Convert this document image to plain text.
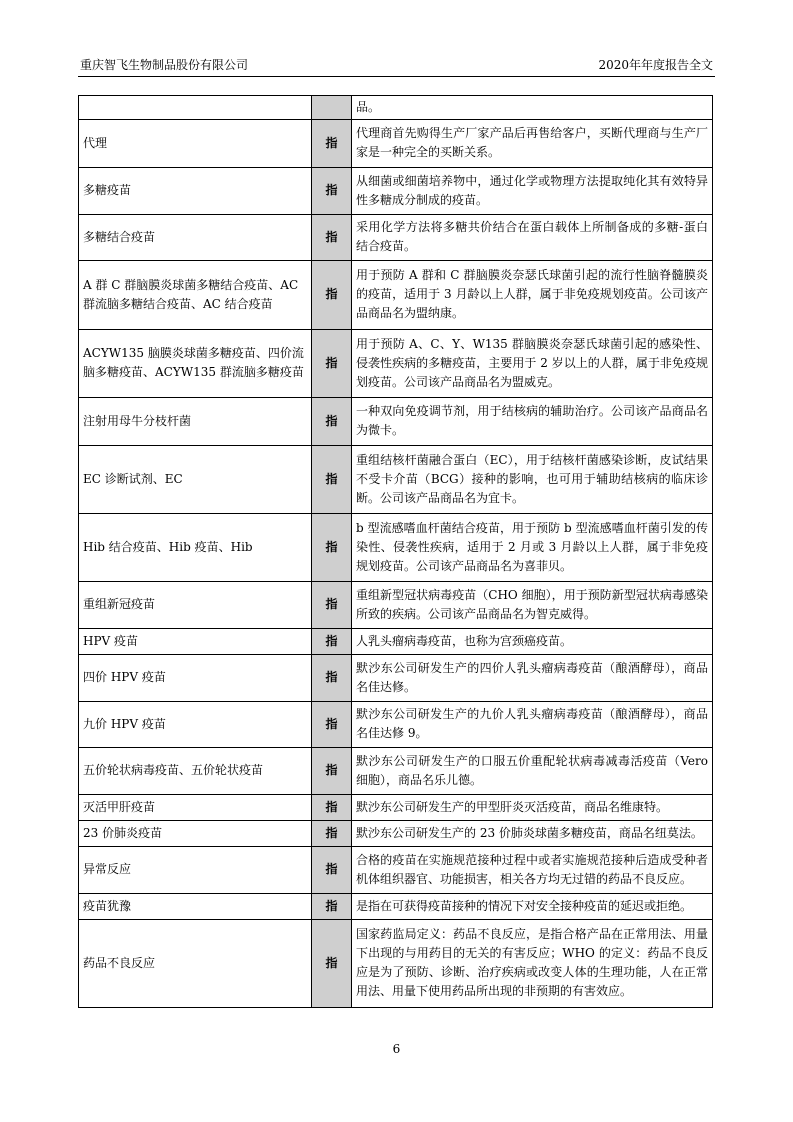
重庆智飞生物制品股份有限公司	2020年年度报告全文
		品。
代理	指	代理商首先购得生产厂家产品后再售给客户，买断代理商与生产厂家是一种完全的买断关系。
多糖疫苗	指	从细菌或细菌培养物中，通过化学或物理方法提取纯化其有效特异性多糖成分制成的疫苗。
多糖结合疫苗	指	采用化学方法将多糖共价结合在蛋白载体上所制备成的多糖-蛋白结合疫苗。
A 群 C 群脑膜炎球菌多糖结合疫苗、AC 群流脑多糖结合疫苗、AC 结合疫苗	指	用于预防 A 群和 C 群脑膜炎奈瑟氏球菌引起的流行性脑脊髓膜炎的疫苗，适用于 3 月龄以上人群，属于非免疫规划疫苗。公司该产品商品名为盟纳康。
ACYW135 脑膜炎球菌多糖疫苗、四价流脑多糖疫苗、ACYW135 群流脑多糖疫苗	指	用于预防 A、C、Y、W135 群脑膜炎奈瑟氏球菌引起的感染性、侵袭性疾病的多糖疫苗，主要用于 2 岁以上的人群，属于非免疫规划疫苗。公司该产品商品名为盟威克。
注射用母牛分枝杆菌	指	一种双向免疫调节剂，用于结核病的辅助治疗。公司该产品商品名为微卡。
EC 诊断试剂、EC	指	重组结核杆菌融合蛋白（EC），用于结核杆菌感染诊断，皮试结果不受卡介苗（BCG）接种的影响，也可用于辅助结核病的临床诊断。公司该产品商品名为宜卡。
Hib 结合疫苗、Hib 疫苗、Hib	指	b 型流感嗜血杆菌结合疫苗，用于预防 b 型流感嗜血杆菌引发的传染性、侵袭性疾病，适用于 2 月或 3 月龄以上人群，属于非免疫规划疫苗。公司该产品商品名为喜菲贝。
重组新冠疫苗	指	重组新型冠状病毒疫苗（CHO 细胞），用于预防新型冠状病毒感染所致的疾病。公司该产品商品名为智克威得。
HPV 疫苗	指	人乳头瘤病毒疫苗，也称为宫颈癌疫苗。
四价 HPV 疫苗	指	默沙东公司研发生产的四价人乳头瘤病毒疫苗（酿酒酵母），商品名佳达修。
九价 HPV 疫苗	指	默沙东公司研发生产的九价人乳头瘤病毒疫苗（酿酒酵母），商品名佳达修 9。
五价轮状病毒疫苗、五价轮状疫苗	指	默沙东公司研发生产的口服五价重配轮状病毒减毒活疫苗（Vero 细胞），商品名乐儿德。
灭活甲肝疫苗	指	默沙东公司研发生产的甲型肝炎灭活疫苗，商品名维康特。
23 价肺炎疫苗	指	默沙东公司研发生产的 23 价肺炎球菌多糖疫苗，商品名纽莫法。
异常反应	指	合格的疫苗在实施规范接种过程中或者实施规范接种后造成受种者机体组织器官、功能损害，相关各方均无过错的药品不良反应。
疫苗犹豫	指	是指在可获得疫苗接种的情况下对安全接种疫苗的延迟或拒绝。
药品不良反应	指	国家药监局定义：药品不良反应，是指合格产品在正常用法、用量下出现的与用药目的无关的有害反应；WHO 的定义：药品不良反应是为了预防、诊断、治疗疾病或改变人体的生理功能，人在正常用法、用量下使用药品所出现的非预期的有害效应。
6
